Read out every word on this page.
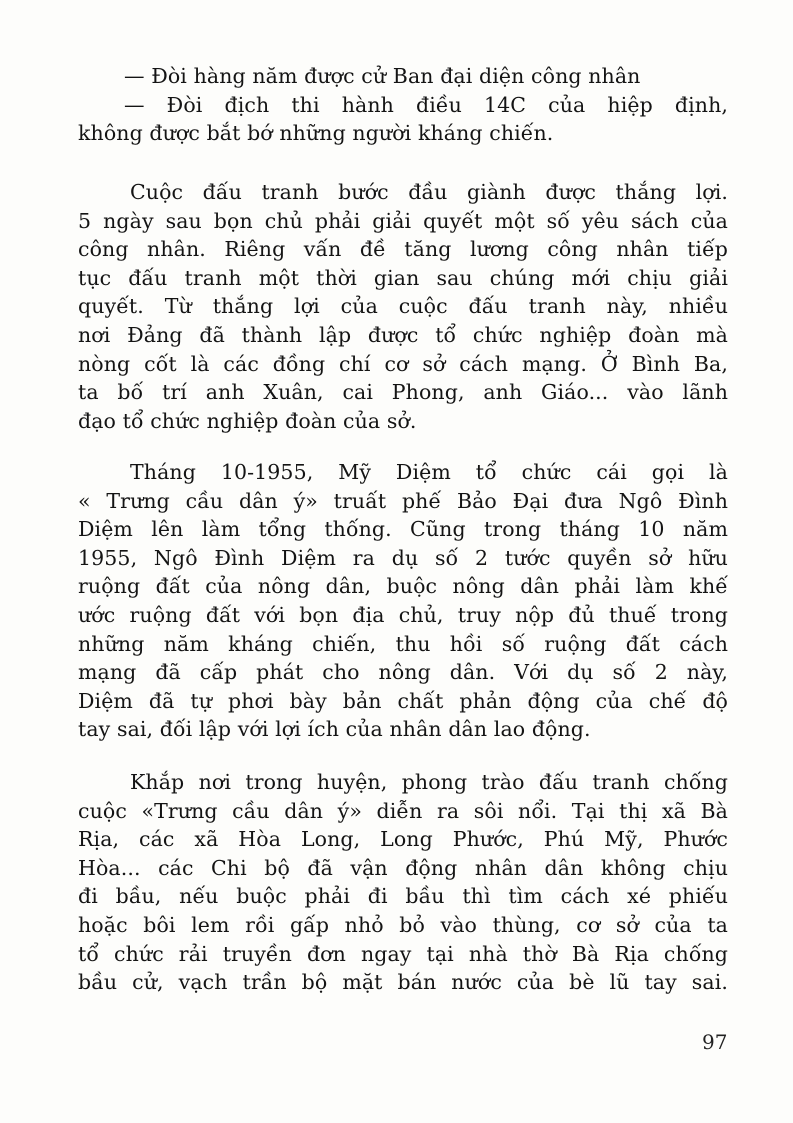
— Đòi hàng năm được cử Ban đại diện công nhân
— Đòi địch thi hành điều 14C của hiệp định,
không được bắt bớ những người kháng chiến.
Cuộc đấu tranh bước đầu giành được thắng lợi.
5 ngày sau bọn chủ phải giải quyết một số yêu sách của
công nhân. Riêng vấn đề tăng lương công nhân tiếp
tục đấu tranh một thời gian sau chúng mới chịu giải
quyết. Từ thắng lợi của cuộc đấu tranh này, nhiều
nơi Đảng đã thành lập được tổ chức nghiệp đoàn mà
nòng cốt là các đồng chí cơ sở cách mạng. Ở Bình Ba,
ta bố trí anh Xuân, cai Phong, anh Giáo... vào lãnh
đạo tổ chức nghiệp đoàn của sở.
Tháng 10-1955, Mỹ Diệm tổ chức cái gọi là
« Trưng cầu dân ý» truất phế Bảo Đại đưa Ngô Đình
Diệm lên làm tổng thống. Cũng trong tháng 10 năm
1955, Ngô Đình Diệm ra dụ số 2 tước quyền sở hữu
ruộng đất của nông dân, buộc nông dân phải làm khế
ước ruộng đất với bọn địa chủ, truy nộp đủ thuế trong
những năm kháng chiến, thu hồi số ruộng đất cách
mạng đã cấp phát cho nông dân. Với dụ số 2 này,
Diệm đã tự phơi bày bản chất phản động của chế độ
tay sai, đối lập với lợi ích của nhân dân lao động.
Khắp nơi trong huyện, phong trào đấu tranh chống
cuộc «Trưng cầu dân ý» diễn ra sôi nổi. Tại thị xã Bà
Rịa, các xã Hòa Long, Long Phước, Phú Mỹ, Phước
Hòa... các Chi bộ đã vận động nhân dân không chịu
đi bầu, nếu buộc phải đi bầu thì tìm cách xé phiếu
hoặc bôi lem rồi gấp nhỏ bỏ vào thùng, cơ sở của ta
tổ chức rải truyền đơn ngay tại nhà thờ Bà Rịa chống
bầu cử, vạch trần bộ mặt bán nước của bè lũ tay sai.
97
